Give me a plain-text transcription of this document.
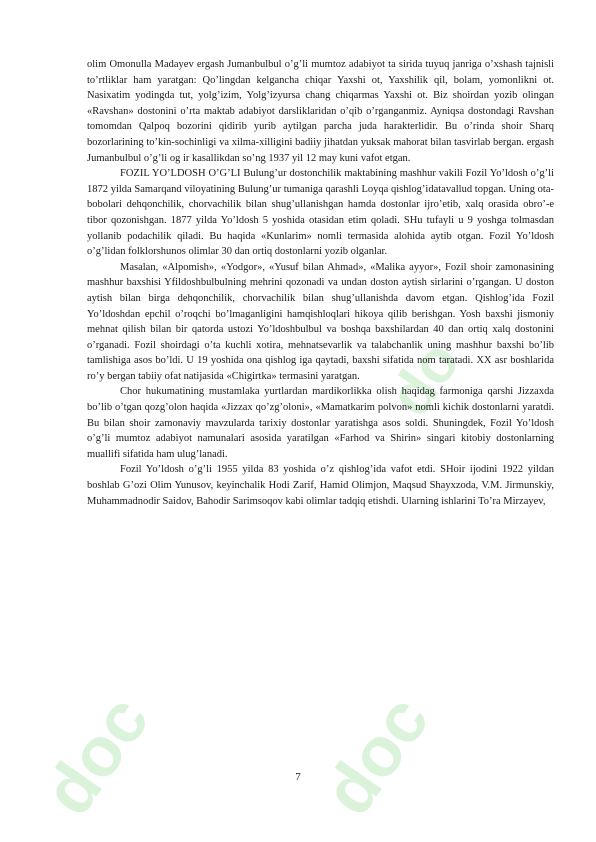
doc doc
do

olim Omonulla Madayev ergash Jumanbulbul o’g’li mumtoz adabiyot ta sirida tuyuq janriga o’xshash tajnisli to’rtliklar ham yaratgan: Qo’lingdan kelgancha chiqar Yaxshi ot, Yaxshilik qil, bolam, yomonlikni ot. Nasixatim yodingda tut, yolg’izim, Yolg’izyursa chang chiqarmas Yaxshi ot. Biz shoirdan yozib olingan «Ravshan» dostonini o’rta maktab adabiyot darsliklaridan o’qib o’rganganmiz. Ayniqsa dostondagi Ravshan tomomdan Qalpoq bozorini qidirib yurib aytilgan parcha juda harakterlidir. Bu o’rinda shoir Sharq bozorlarining to’kin-sochinligi va xilma-xilligini badiiy jihatdan yuksak mahorat bilan tasvirlab bergan. ergash Jumanbulbul o’g’li og ir kasallikdan so’ng 1937 yil 12 may kuni vafot etgan.

FOZIL YO’LDOSH O’G’LI Bulung’ur dostonchilik maktabining mashhur vakili Fozil Yo’ldosh o’g’li 1872 yilda Samarqand viloyatining Bulung’ur tumaniga qarashli Loyqa qishlog’idatavallud topgan. Uning ota-bobolari dehqonchilik, chorvachilik bilan shug’ullanishgan hamda dostonlar ijro’etib, xalq orasida obro’-e tibor qozonishgan. 1877 yilda Yo’ldosh 5 yoshida otasidan etim qoladi. SHu tufayli u 9 yoshga tolmasdan yollanib podachilik qiladi. Bu haqida «Kunlarim» nomli termasida alohida aytib otgan. Fozil Yo’ldosh o’g’lidan folklorshunos olimlar 30 dan ortiq dostonlarni yozib olganlar.

Masalan, «Alpomish», «Yodgor», «Yusuf bilan Ahmad», «Malika ayyor», Fozil shoir zamonasining mashhur baxshisi Yfildoshbulbulning mehrini qozonadi va undan doston aytish sirlarini o’rgangan. U doston aytish bilan birga dehqonchilik, chorvachilik bilan shug’ullanishda davom etgan. Qishlog’ida Fozil Yo’ldoshdan epchil o’roqchi bo’lmaganligini hamqishloqlari hikoya qilib berishgan. Yosh baxshi jismoniy mehnat qilish bilan bir qatorda ustozi Yo’ldoshbulbul va boshqa baxshilardan 40 dan ortiq xalq dostonini o’rganadi. Fozil shoirdagi o’ta kuchli xotira, mehnatsevarlik va talabchanlik uning mashhur baxshi bo’lib tamlishiga asos bo’ldi. U 19 yoshida ona qishlog iga qaytadi, baxshi sifatida nom taratadi. XX asr boshlarida ro’y bergan tabiiy ofat natijasida «Chigirtka» termasini yaratgan.

Chor hukumatining mustamlaka yurtlardan mardikorlikka olish haqidag farmoniga qarshi Jizzaxda bo’lib o’tgan qozg’olon haqida «Jizzax qo’zg’oloni», «Mamatkarim polvon» nomli kichik dostonlarni yaratdi. Bu bilan shoir zamonaviy mavzularda tarixiy dostonlar yaratishga asos soldi. Shuningdek, Fozil Yo’ldosh o’g’li mumtoz adabiyot namunalari asosida yaratilgan «Farhod va Shirin» singari kitobiy dostonlarning muallifi sifatida ham ulug’lanadi.

Fozil Yo’ldosh o’g’li 1955 yilda 83 yoshida o’z qishlog’ida vafot etdi. SHoir ijodini 1922 yildan boshlab G’ozi Olim Yunusov, keyinchalik Hodi Zarif, Hamid Olimjon, Maqsud Shayxzoda, V.M. Jirmunskiy, Muhammadnodir Saidov, Bahodir Sarimsoqov kabi olimlar tadqiq etishdi. Ularning ishlarini To’ra Mirzayev,

7
